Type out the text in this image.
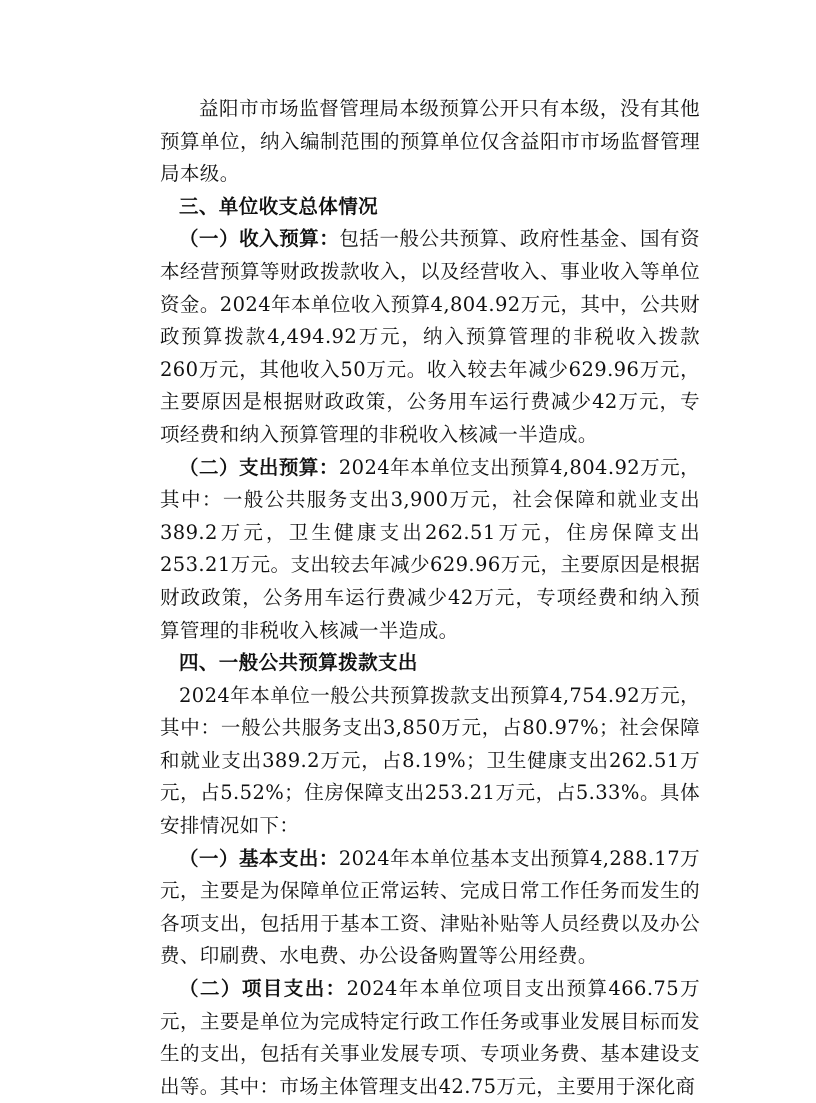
益阳市市场监督管理局本级预算公开只有本级，没有其他预算单位，纳入编制范围的预算单位仅含益阳市市场监督管理局本级。

三、单位收支总体情况

（一）收入预算：包括一般公共预算、政府性基金、国有资本经营预算等财政拨款收入，以及经营收入、事业收入等单位资金。2024年本单位收入预算4,804.92万元，其中，公共财政预算拨款4,494.92万元，纳入预算管理的非税收入拨款260万元，其他收入50万元。收入较去年减少629.96万元，主要原因是根据财政政策，公务用车运行费减少42万元，专项经费和纳入预算管理的非税收入核减一半造成。

（二）支出预算：2024年本单位支出预算4,804.92万元，其中：一般公共服务支出3,900万元，社会保障和就业支出389.2万元，卫生健康支出262.51万元，住房保障支出253.21万元。支出较去年减少629.96万元，主要原因是根据财政政策，公务用车运行费减少42万元，专项经费和纳入预算管理的非税收入核减一半造成。

四、一般公共预算拨款支出

2024年本单位一般公共预算拨款支出预算4,754.92万元，其中：一般公共服务支出3,850万元，占80.97%；社会保障和就业支出389.2万元，占8.19%；卫生健康支出262.51万元，占5.52%；住房保障支出253.21万元，占5.33%。具体安排情况如下：

（一）基本支出：2024年本单位基本支出预算4,288.17万元，主要是为保障单位正常运转、完成日常工作任务而发生的各项支出，包括用于基本工资、津贴补贴等人员经费以及办公费、印刷费、水电费、办公设备购置等公用经费。

（二）项目支出：2024年本单位项目支出预算466.75万元，主要是单位为完成特定行政工作任务或事业发展目标而发生的支出，包括有关事业发展专项、专项业务费、基本建设支出等。其中：市场主体管理支出42.75万元，主要用于深化商
